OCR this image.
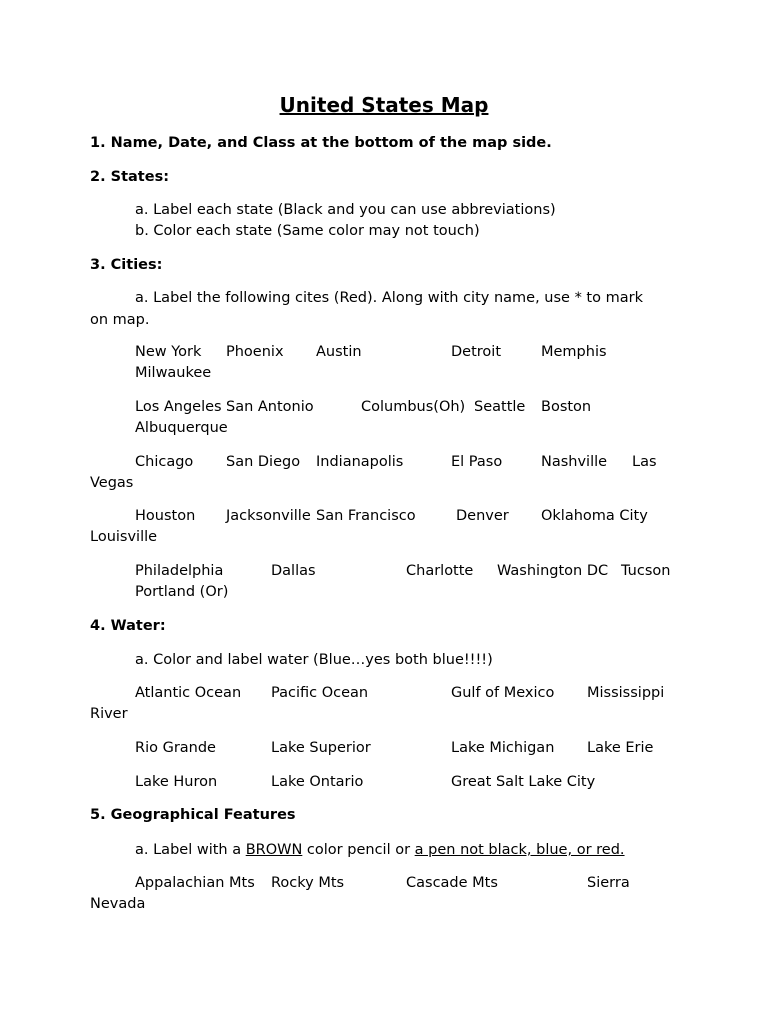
United States Map
1. Name, Date, and Class at the bottom of the map side.
2. States:
a. Label each state (Black and you can use abbreviations)
b. Color each state (Same color may not touch)
3. Cities:
a. Label the following cites (Red). Along with city name, use * to mark
on map.
New York Phoenix Austin	Detroit	Memphis
Milwaukee
Los Angeles San Antonio	Columbus(Oh) Seattle Boston
Albuquerque
Chicago San Diego Indianapolis	El Paso	Nashville Las
Vegas
Houston Jacksonville San Francisco	Denver Oklahoma City
Louisville
Philadelphia	Dallas	Charlotte Washington DC Tucson
Portland (Or)
4. Water:
a. Color and label water (Blue…yes both blue!!!!)
Atlantic Ocean Pacific Ocean	Gulf of Mexico Mississippi
River
Rio Grande	Lake Superior	Lake Michigan Lake Erie
Lake Huron	Lake Ontario	Great Salt Lake City
5. Geographical Features
a. Label with a BROWN color pencil or a pen not black, blue, or red.
Appalachian Mts Rocky Mts	Cascade Mts	Sierra
Nevada
